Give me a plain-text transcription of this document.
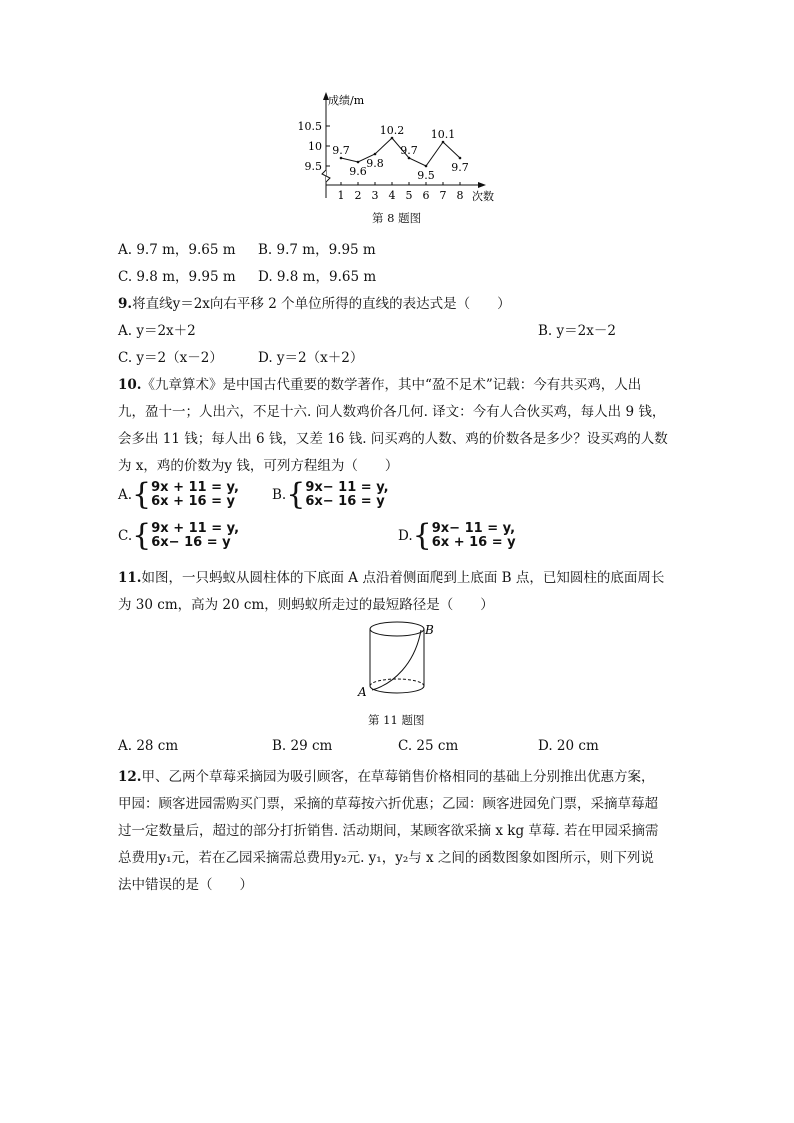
10.5
10
9.5
成绩/m
次数
1 2 3 4 5 6 7 8
9.7
9.6
9.8
10.2
9.7
9.5
10.1
9.7
第 8 题图
A. 9.7 m，9.65 m B. 9.7 m，9.95 m
C. 9.8 m，9.95 m D. 9.8 m，9.65 m
9.将直线y＝2x向右平移 2 个单位所得的直线的表达式是（　　）
A. y＝2x＋2	B. y＝2x－2
C. y＝2（x－2）	D. y＝2（x＋2）
10.《九章算术》是中国古代重要的数学著作，其中“盈不足术”记载：今有共买鸡，人出
九，盈十一；人出六，不足十六. 问人数鸡价各几何. 译文：今有人合伙买鸡，每人出 9 钱，
会多出 11 钱；每人出 6 钱，又差 16 钱. 问买鸡的人数、鸡的价数各是多少？设买鸡的人数
为 x，鸡的价数为y 钱，可列方程组为（　　）
A.{9x + 11 = y,
6x + 16 = y	B.{9x− 11 = y,
6x− 16 = y
C.{9x + 11 = y,
6x− 16 = y	D.{9x− 11 = y,
6x + 16 = y
11.如图，一只蚂蚁从圆柱体的下底面 A 点沿着侧面爬到上底面 B 点，已知圆柱的底面周长
为 30 cm，高为 20 cm，则蚂蚁所走过的最短路径是（　　）
A
B
第 11 题图
A. 28 cm	B. 29 cm	C. 25 cm	D. 20 cm
12.甲、乙两个草莓采摘园为吸引顾客，在草莓销售价格相同的基础上分别推出优惠方案，
甲园：顾客进园需购买门票，采摘的草莓按六折优惠；乙园：顾客进园免门票，采摘草莓超
过一定数量后，超过的部分打折销售. 活动期间，某顾客欲采摘 x kg 草莓. 若在甲园采摘需
总费用y₁元，若在乙园采摘需总费用y₂元. y₁，y₂与 x 之间的函数图象如图所示，则下列说
法中错误的是（　　）
